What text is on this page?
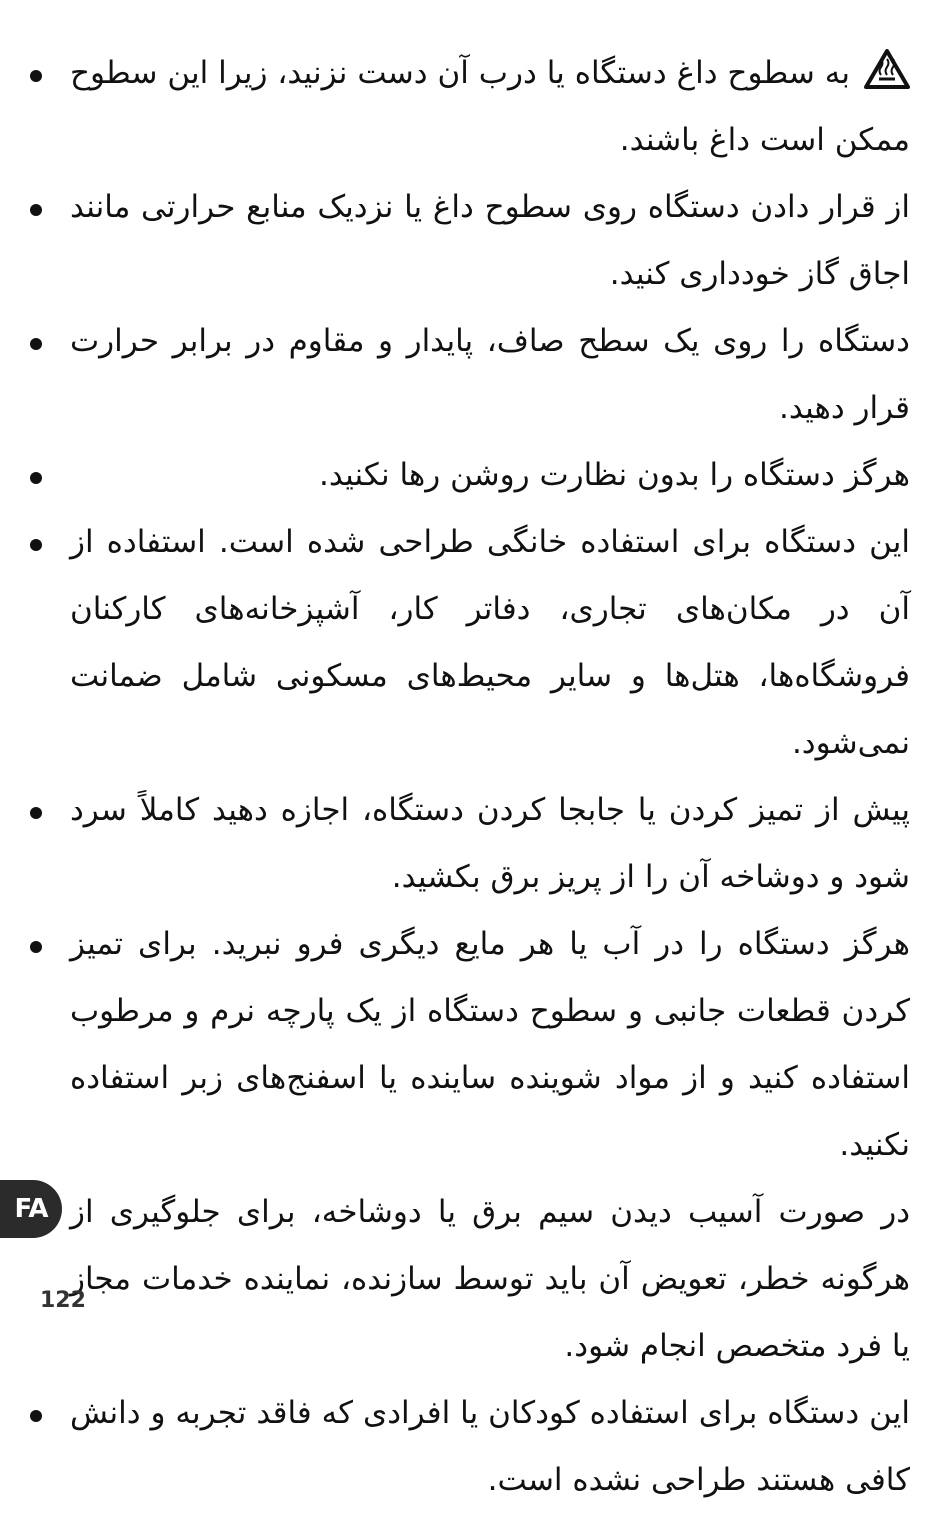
به سطوح داغ دستگاه یا درب آن دست نزنید، زیرا این سطوح ممکن است داغ باشند.
از قرار دادن دستگاه روی سطوح داغ یا نزدیک منابع حرارتی مانند اجاق گاز خودداری کنید.
دستگاه را روی یک سطح صاف، پایدار و مقاوم در برابر حرارت قرار دهید.
هرگز دستگاه را بدون نظارت روشن رها نکنید.
این دستگاه برای استفاده خانگی طراحی شده است. استفاده از آن در مکان‌های تجاری، دفاتر کار، آشپزخانه‌های کارکنان فروشگاه‌ها، هتل‌ها و سایر محیط‌های مسکونی شامل ضمانت نمی‌شود.
پیش از تمیز کردن یا جابجا کردن دستگاه، اجازه دهید کاملاً سرد شود و دوشاخه آن را از پریز برق بکشید.
هرگز دستگاه را در آب یا هر مایع دیگری فرو نبرید. برای تمیز کردن قطعات جانبی و سطوح دستگاه از یک پارچه نرم و مرطوب استفاده کنید و از مواد شوینده ساینده یا اسفنج‌های زبر استفاده نکنید.
در صورت آسیب دیدن سیم برق یا دوشاخه، برای جلوگیری از هرگونه خطر، تعویض آن باید توسط سازنده، نماینده خدمات مجاز یا فرد متخصص انجام شود.
این دستگاه برای استفاده کودکان یا افرادی که فاقد تجربه و دانش کافی هستند طراحی نشده است.
FA
122
